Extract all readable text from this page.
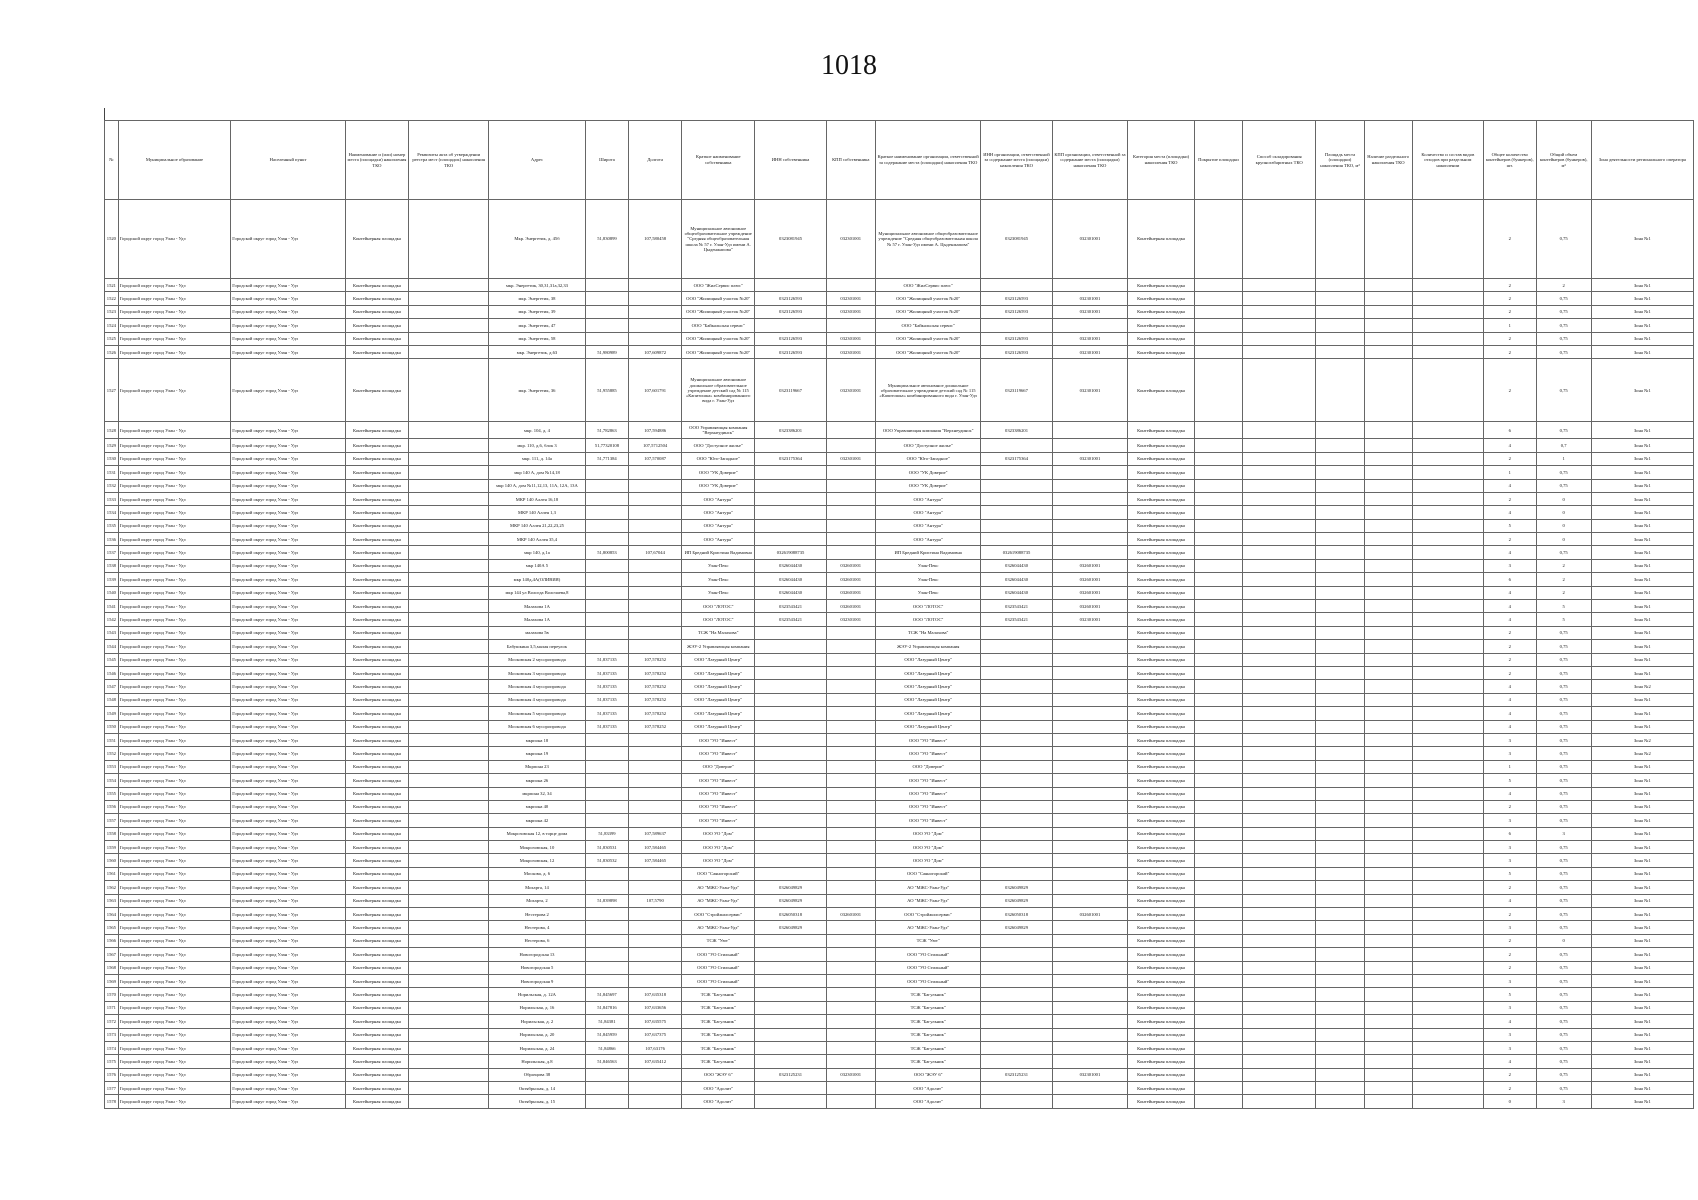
1018
№	Муниципальное образование	Населенный пункт	Наименование и (или) номер места (площадки) накопления ТКО	Реквизиты акта об утверждении реестра мест (площадок) накопления ТКО	Адрес	Широта	Долгота	Краткое наименование собственника	ИНН собственника	КПП собственника	Краткое наименование организации, ответственной за содержание места (площадки) накопления ТКО	ИНН организации, ответственной за содержание места (площадки) накопления ТКО	КПП организации, ответственной за содержание места (площадки) накопления ТКО	Категория места (площадки) накопления ТКО	Покрытие площадки	Способ складирования крупногабаритных ТКО	Площадь места (площадки) накопления ТКО, м²	Наличие раздельного накопления ТКО	Количество и состав видов отходов при раздельном накоплении	Общее количество контейнеров (бункеров), шт.	Общий объем контейнеров (бункеров), м³	Зона деятельности регионального оператора
1520	Городской округ город Улан - Удэ	Городской округ город Улан - Удэ	Контейнерная площадка		Мкр. Энергетик, д. 45б	51,830899	107,580458	Муниципальное автономное общеобразовательное учреждение "Средняя общеобразовательная школа № 57 г. Улан-Удэ имени А. Цыденжапова"	0323081945	032301001	Муниципальное автономное общеобразовательное учреждение "Средняя общеобразовательная школа № 57 г. Улан-Удэ имени А. Цыденжапова"	0323081945	032301001	Контейнерная площадка						2	0,75	Зона №1
1521	Городской округ город Улан - Удэ	Городской округ город Улан - Удэ	Контейнерная площадка		мкр. Энергетик, 30,31,31а,32,33			ООО "ЖилСервис плюс"			ООО "ЖилСервис плюс"			Контейнерная площадка						2	2	Зона №1
1522	Городской округ город Улан - Удэ	Городской округ город Улан - Удэ	Контейнерная площадка		мкр. Энергетик, 38			ООО "Жилищный участок №20"	0323126593	032301001	ООО "Жилищный участок №20"	0323126593	032301001	Контейнерная площадка						2	0,75	Зона №1
1523	Городской округ город Улан - Удэ	Городской округ город Улан - Удэ	Контейнерная площадка		мкр. Энергетик, 39			ООО "Жилищный участок №20"	0323126593	032301001	ООО "Жилищный участок №20"	0323126593	032301001	Контейнерная площадка						2	0,75	Зона №1
1524	Городской округ город Улан - Удэ	Городской округ город Улан - Удэ	Контейнерная площадка		мкр. Энергетик, 47			ООО "Байкальская сервис"			ООО "Байкальская сервис"			Контейнерная площадка						1	0,75	Зона №1
1525	Городской округ город Улан - Удэ	Городской округ город Улан - Удэ	Контейнерная площадка		мкр. Энергетик, 58			ООО "Жилищный участок №20"	0323126593	032301001	ООО "Жилищный участок №20"	0323126593	032301001	Контейнерная площадка						2	0,75	Зона №1
1526	Городской округ город Улан - Удэ	Городской округ город Улан - Удэ	Контейнерная площадка		мкр. Энергетик, д.63	51,980989	107,609872	ООО "Жилищный участок №20"	0323126593	032301001	ООО "Жилищный участок №20"	0323126593	032301001	Контейнерная площадка						2	0,75	Зона №1
1527	Городской округ город Улан - Удэ	Городской округ город Улан - Удэ	Контейнерная площадка		мкр. Энергетик, 36	51,955885	107,601791	Муниципальное автономное дошкольное образовательное учреждение детский сад № 115 «Капитошка» комбинированного вида г. Улан-Удэ	0323119667	032301001	Муниципальное автономное дошкольное образовательное учреждение детский сад № 115 «Капитошка» комбинированного вида г. Улан-Удэ	0323119667	032301001	Контейнерная площадка						2	0,75	Зона №1
1528	Городской округ город Улан - Удэ	Городской округ город Улан - Удэ	Контейнерная площадка		мкр. 104, д. 4	51,782863	107,594886	ООО Управляющая компания "Верхнеудинск"	0323386201		ООО Управляющая компания "Верхнеудинск"	0323386201		Контейнерная площадка						6	0,75	Зона №1
1529	Городской округ город Улан - Удэ	Городской округ город Улан - Удэ	Контейнерная площадка		мкр. 110, д.6, блок 3	51,77320108	107,5712504	ООО "Доступное жилье"			ООО "Доступное жилье"			Контейнерная площадка						4	0,7	Зона №1
1530	Городской округ город Улан - Удэ	Городской округ город Улан - Удэ	Контейнерная площадка		мкр. 111, д. 14а	51,771384	107,570087	ООО "Юго-Западное"	0323175364	032301001	ООО "Юго-Западное"	0323175364	032301001	Контейнерная площадка						2	1	Зона №1
1531	Городской округ город Улан - Удэ	Городской округ город Улан - Удэ	Контейнерная площадка		мкр 140 А, дом №14,18			ООО "УК Доверие"			ООО "УК Доверие"			Контейнерная площадка						1	0,75	Зона №1
1532	Городской округ город Улан - Удэ	Городской округ город Улан - Удэ	Контейнерная площадка		мкр 140 А, дом №11,12,13, 11А, 12А, 13А			ООО "УК Доверие"			ООО "УК Доверие"			Контейнерная площадка						4	0,75	Зона №1
1533	Городской округ город Улан - Удэ	Городской округ город Улан - Удэ	Контейнерная площадка		МКР 140 Аллея 16,18			ООО "Антура"			ООО "Антура"			Контейнерная площадка						2	0	Зона №1
1534	Городской округ город Улан - Удэ	Городской округ город Улан - Удэ	Контейнерная площадка		МКР 140 Аллея 1,3			ООО "Антура"			ООО "Антура"			Контейнерная площадка						4	0	Зона №1
1535	Городской округ город Улан - Удэ	Городской округ город Улан - Удэ	Контейнерная площадка		МКР 140 Аллея 21,22,23,25			ООО "Антура"			ООО "Антура"			Контейнерная площадка						5	0	Зона №1
1536	Городской округ город Улан - Удэ	Городской округ город Улан - Удэ	Контейнерная площадка		МКР 140 Аллея 35,4			ООО "Антура"			ООО "Антура"			Контейнерная площадка						2	0	Зона №1
1537	Городской округ город Улан - Удэ	Городской округ город Улан - Удэ	Контейнерная площадка		мкр 140, д.1а	51,800853	107,67044	ИП Бредний Кристина Вадимовна	032619088735		ИП Бредний Кристина Вадимовна	032619088735		Контейнерная площадка						4	0,75	Зона №1
1538	Городской округ город Улан - Удэ	Городской округ город Улан - Удэ	Контейнерная площадка		мкр 140А 5			Улан-Пекс	0326044430	032601001	Улан-Пекс	0326044430	032601001	Контейнерная площадка						3	2	Зона №1
1539	Городской округ город Улан - Удэ	Городской округ город Улан - Удэ	Контейнерная площадка		мкр 140д,4А(ОЛИВИЯ)			Улан-Пекс	0326044430	032601001	Улан-Пекс	0326044430	032601001	Контейнерная площадка						6	2	Зона №1
1540	Городской округ город Улан - Удэ	Городской округ город Улан - Удэ	Контейнерная площадка		мкр 144 ул Вологда Волочаева,8			Улан-Пекс	0326044430	032601001	Улан-Пекс	0326044430	032601001	Контейнерная площадка						4	2	Зона №1
1541	Городской округ город Улан - Удэ	Городской округ город Улан - Удэ	Контейнерная площадка		Малахова 1А			ООО "ЛОТОС"	0323543421	032601001	ООО "ЛОТОС"	0323543421	032601001	Контейнерная площадка						4	5	Зона №1
1542	Городской округ город Улан - Удэ	Городской округ город Улан - Удэ	Контейнерная площадка		Малахова 1А			ООО "ЛОТОС"	0323543421	032301001	ООО "ЛОТОС"	0323543421	032301001	Контейнерная площадка						4	5	Зона №1
1543	Городской округ город Улан - Удэ	Городской округ город Улан - Удэ	Контейнерная площадка		малахова 5в			ТСЖ "На Малахова"			ТСЖ "На Малахова"			Контейнерная площадка						2	0,75	Зона №1
1544	Городской округ город Улан - Удэ	Городской округ город Улан - Удэ	Контейнерная площадка		Бабушкина 3,5,малая переулок			ЖЭУ-2 Управляющая компания			ЖЭУ-2 Управляющая компания			Контейнерная площадка						2	0,75	Зона №1
1545	Городской округ город Улан - Удэ	Городской округ город Улан - Удэ	Контейнерная площадка		Московская 2 мусоропровода	51,837135	107,578252	ООО "Лазурный Центр"			ООО "Лазурный Центр"			Контейнерная площадка						2	0,75	Зона №1
1546	Городской округ город Улан - Удэ	Городской округ город Улан - Удэ	Контейнерная площадка		Московская 3 мусоропровода	51,837135	107,578252	ООО "Лазурный Центр"			ООО "Лазурный Центр"			Контейнерная площадка						2	0,75	Зона №1
1547	Городской округ город Улан - Удэ	Городской округ город Улан - Удэ	Контейнерная площадка		Московская 4 мусоропровода	51,837135	107,578252	ООО "Лазурный Центр"			ООО "Лазурный Центр"			Контейнерная площадка						4	0,75	Зона №2
1548	Городской округ город Улан - Удэ	Городской округ город Улан - Удэ	Контейнерная площадка		Московская 4 мусоропровода	51,837135	107,578252	ООО "Лазурный Центр"			ООО "Лазурный Центр"			Контейнерная площадка						4	0,75	Зона №1
1549	Городской округ город Улан - Удэ	Городской округ город Улан - Удэ	Контейнерная площадка		Московская 5 мусоропровода	51,837135	107,578252	ООО "Лазурный Центр"			ООО "Лазурный Центр"			Контейнерная площадка						4	0,75	Зона №1
1550	Городской округ город Улан - Удэ	Городской округ город Улан - Удэ	Контейнерная площадка		Московская 6 мусоропровода	51,837135	107,578252	ООО "Лазурный Центр"			ООО "Лазурный Центр"			Контейнерная площадка						4	0,75	Зона №1
1551	Городской округ город Улан - Удэ	Городской округ город Улан - Удэ	Контейнерная площадка		мкрпона 18			ООО "УО "Инвест"			ООО "УО "Инвест"			Контейнерная площадка						3	0,75	Зона №2
1552	Городской округ город Улан - Удэ	Городской округ город Улан - Удэ	Контейнерная площадка		мкрпона 19			ООО "УО "Инвест"			ООО "УО "Инвест"			Контейнерная площадка						3	0,75	Зона №2
1553	Городской округ город Улан - Удэ	Городской округ город Улан - Удэ	Контейнерная площадка		Мкрпона 23			ООО "Доверие"			ООО "Доверие"			Контейнерная площадка						1	0,75	Зона №1
1554	Городской округ город Улан - Удэ	Городской округ город Улан - Удэ	Контейнерная площадка		мкрпона 26			ООО "УО "Инвест"			ООО "УО "Инвест"			Контейнерная площадка						5	0,75	Зона №1
1555	Городской округ город Улан - Удэ	Городской округ город Улан - Удэ	Контейнерная площадка		мкрпона 32, 34			ООО "УО "Инвест"			ООО "УО "Инвест"			Контейнерная площадка						4	0,75	Зона №1
1556	Городской округ город Улан - Удэ	Городской округ город Улан - Удэ	Контейнерная площадка		мкрпона 40			ООО "УО "Инвест"			ООО "УО "Инвест"			Контейнерная площадка						2	0,75	Зона №1
1557	Городской округ город Улан - Удэ	Городской округ город Улан - Удэ	Контейнерная площадка		мкрпона 42			ООО "УО "Инвест"			ООО "УО "Инвест"			Контейнерная площадка						3	0,75	Зона №1
1558	Городской округ город Улан - Удэ	Городской округ город Улан - Удэ	Контейнерная площадка		Мокрозовская 12, в торце дома	51,83399	107,589637	ООО УО "Дом"			ООО УО "Дом"			Контейнерная площадка						6	3	Зона №1
1559	Городской округ город Улан - Удэ	Городской округ город Улан - Удэ	Контейнерная площадка		Мокрозовская, 10	51,830531	107,584465	ООО УО "Дом"			ООО УО "Дом"			Контейнерная площадка						3	0,75	Зона №1
1560	Городской округ город Улан - Удэ	Городской округ город Улан - Удэ	Контейнерная площадка		Мокрозовская, 12	51,830532	107,584465	ООО УО "Дом"			ООО УО "Дом"			Контейнерная площадка						3	0,75	Зона №1
1561	Городской округ город Улан - Удэ	Городской округ город Улан - Удэ	Контейнерная площадка		Москова, д. 6			ООО "Саяногорский"			ООО "Саяногорский"			Контейнерная площадка						5	0,75	Зона №1
1562	Городской округ город Улан - Удэ	Городской округ город Улан - Удэ	Контейнерная площадка		Мохарта, 14			АО "МЖС-Улан-Удэ"	0326049829		АО "МЖС-Улан-Удэ"	0326049829		Контейнерная площадка						2	0,75	Зона №1
1563	Городской округ город Улан - Удэ	Городской округ город Улан - Удэ	Контейнерная площадка		Мохарта, 2	51,839898	107,5790	АО "МЖС-Улан-Удэ"	0326049829		АО "МЖС-Улан-Удэ"	0326049829		Контейнерная площадка						4	0,75	Зона №1
1564	Городской округ город Улан - Удэ	Городской округ город Улан - Удэ	Контейнерная площадка		Нестерова 2			ООО "Стройжилсервис"	0326050318	032601001	ООО "Стройжилсервис"	0326050318	032601001	Контейнерная площадка						2	0,75	Зона №1
1565	Городской округ город Улан - Удэ	Городской округ город Улан - Удэ	Контейнерная площадка		Нестерова, 4			АО "МЖС-Улан-Удэ"	0326049829		АО "МЖС-Улан-Удэ"	0326049829		Контейнерная площадка						3	0,75	Зона №1
1566	Городской округ город Улан - Удэ	Городской округ город Улан - Удэ	Контейнерная площадка		Нестерова, 6			ТСЖ "Уют"			ТСЖ "Уют"			Контейнерная площадка						2	0	Зона №1
1567	Городской округ город Улан - Удэ	Городской округ город Улан - Удэ	Контейнерная площадка		Новогородская 13			ООО "УО Стильный"			ООО "УО Стильный"			Контейнерная площадка						2	0,75	Зона №1
1568	Городской округ город Улан - Удэ	Городской округ город Улан - Удэ	Контейнерная площадка		Новогородская 5			ООО "УО Стильный"			ООО "УО Стильный"			Контейнерная площадка						2	0,75	Зона №1
1569	Городской округ город Улан - Удэ	Городской округ город Улан - Удэ	Контейнерная площадка		Новогородская 9			ООО "УО Стильный"			ООО "УО Стильный"			Контейнерная площадка						3	0,75	Зона №1
1570	Городской округ город Улан - Удэ	Городской округ город Улан - Удэ	Контейнерная площадка		Норильская, д. 12А	51,845697	107,635318	ТСЖ "Багульник"			ТСЖ "Багульник"			Контейнерная площадка						5	0,75	Зона №1
1571	Городской округ город Улан - Удэ	Городской округ город Улан - Удэ	Контейнерная площадка		Норильская, д. 16	51,847816	107,633656	ТСЖ "Багульник"			ТСЖ "Багульник"			Контейнерная площадка						3	0,75	Зона №1
1572	Городской округ город Улан - Удэ	Городской округ город Улан - Удэ	Контейнерная площадка		Норильская, д. 2	51,84381	107,635575	ТСЖ "Багульник"			ТСЖ "Багульник"			Контейнерная площадка						4	0,75	Зона №1
1573	Городской округ город Улан - Удэ	Городской округ город Улан - Удэ	Контейнерная площадка		Норильская, д. 20	51,845959	107,637375	ТСЖ "Багульник"			ТСЖ "Багульник"			Контейнерная площадка						3	0,75	Зона №1
1574	Городской округ город Улан - Удэ	Городской округ город Улан - Удэ	Контейнерная площадка		Норильская, д. 24	51,84866	107,63176	ТСЖ "Багульник"			ТСЖ "Багульник"			Контейнерная площадка						3	0,75	Зона №1
1575	Городской округ город Улан - Удэ	Городской округ город Улан - Удэ	Контейнерная площадка		Норильская, д.8	51,846563	107,635412	ТСЖ "Багульник"			ТСЖ "Багульник"			Контейнерная площадка						4	0,75	Зона №1
1576	Городской округ город Улан - Удэ	Городской округ город Улан - Удэ	Контейнерная площадка		Образцова 38			ООО "ЖЭУ 6"	0323125231	032301001	ООО "ЖЭУ 6"	0323125231	032301001	Контейнерная площадка						2	0,75	Зона №1
1577	Городской округ город Улан - Удэ	Городской округ город Улан - Удэ	Контейнерная площадка		Октябрьская, д. 14			ООО "Адолит"			ООО "Адолит"			Контейнерная площадка						2	0,75	Зона №1
1578	Городской округ город Улан - Удэ	Городской округ город Улан - Удэ	Контейнерная площадка		Октябрьская, д. 15			ООО "Адолит"			ООО "Адолит"			Контейнерная площадка						0	3	Зона №1
